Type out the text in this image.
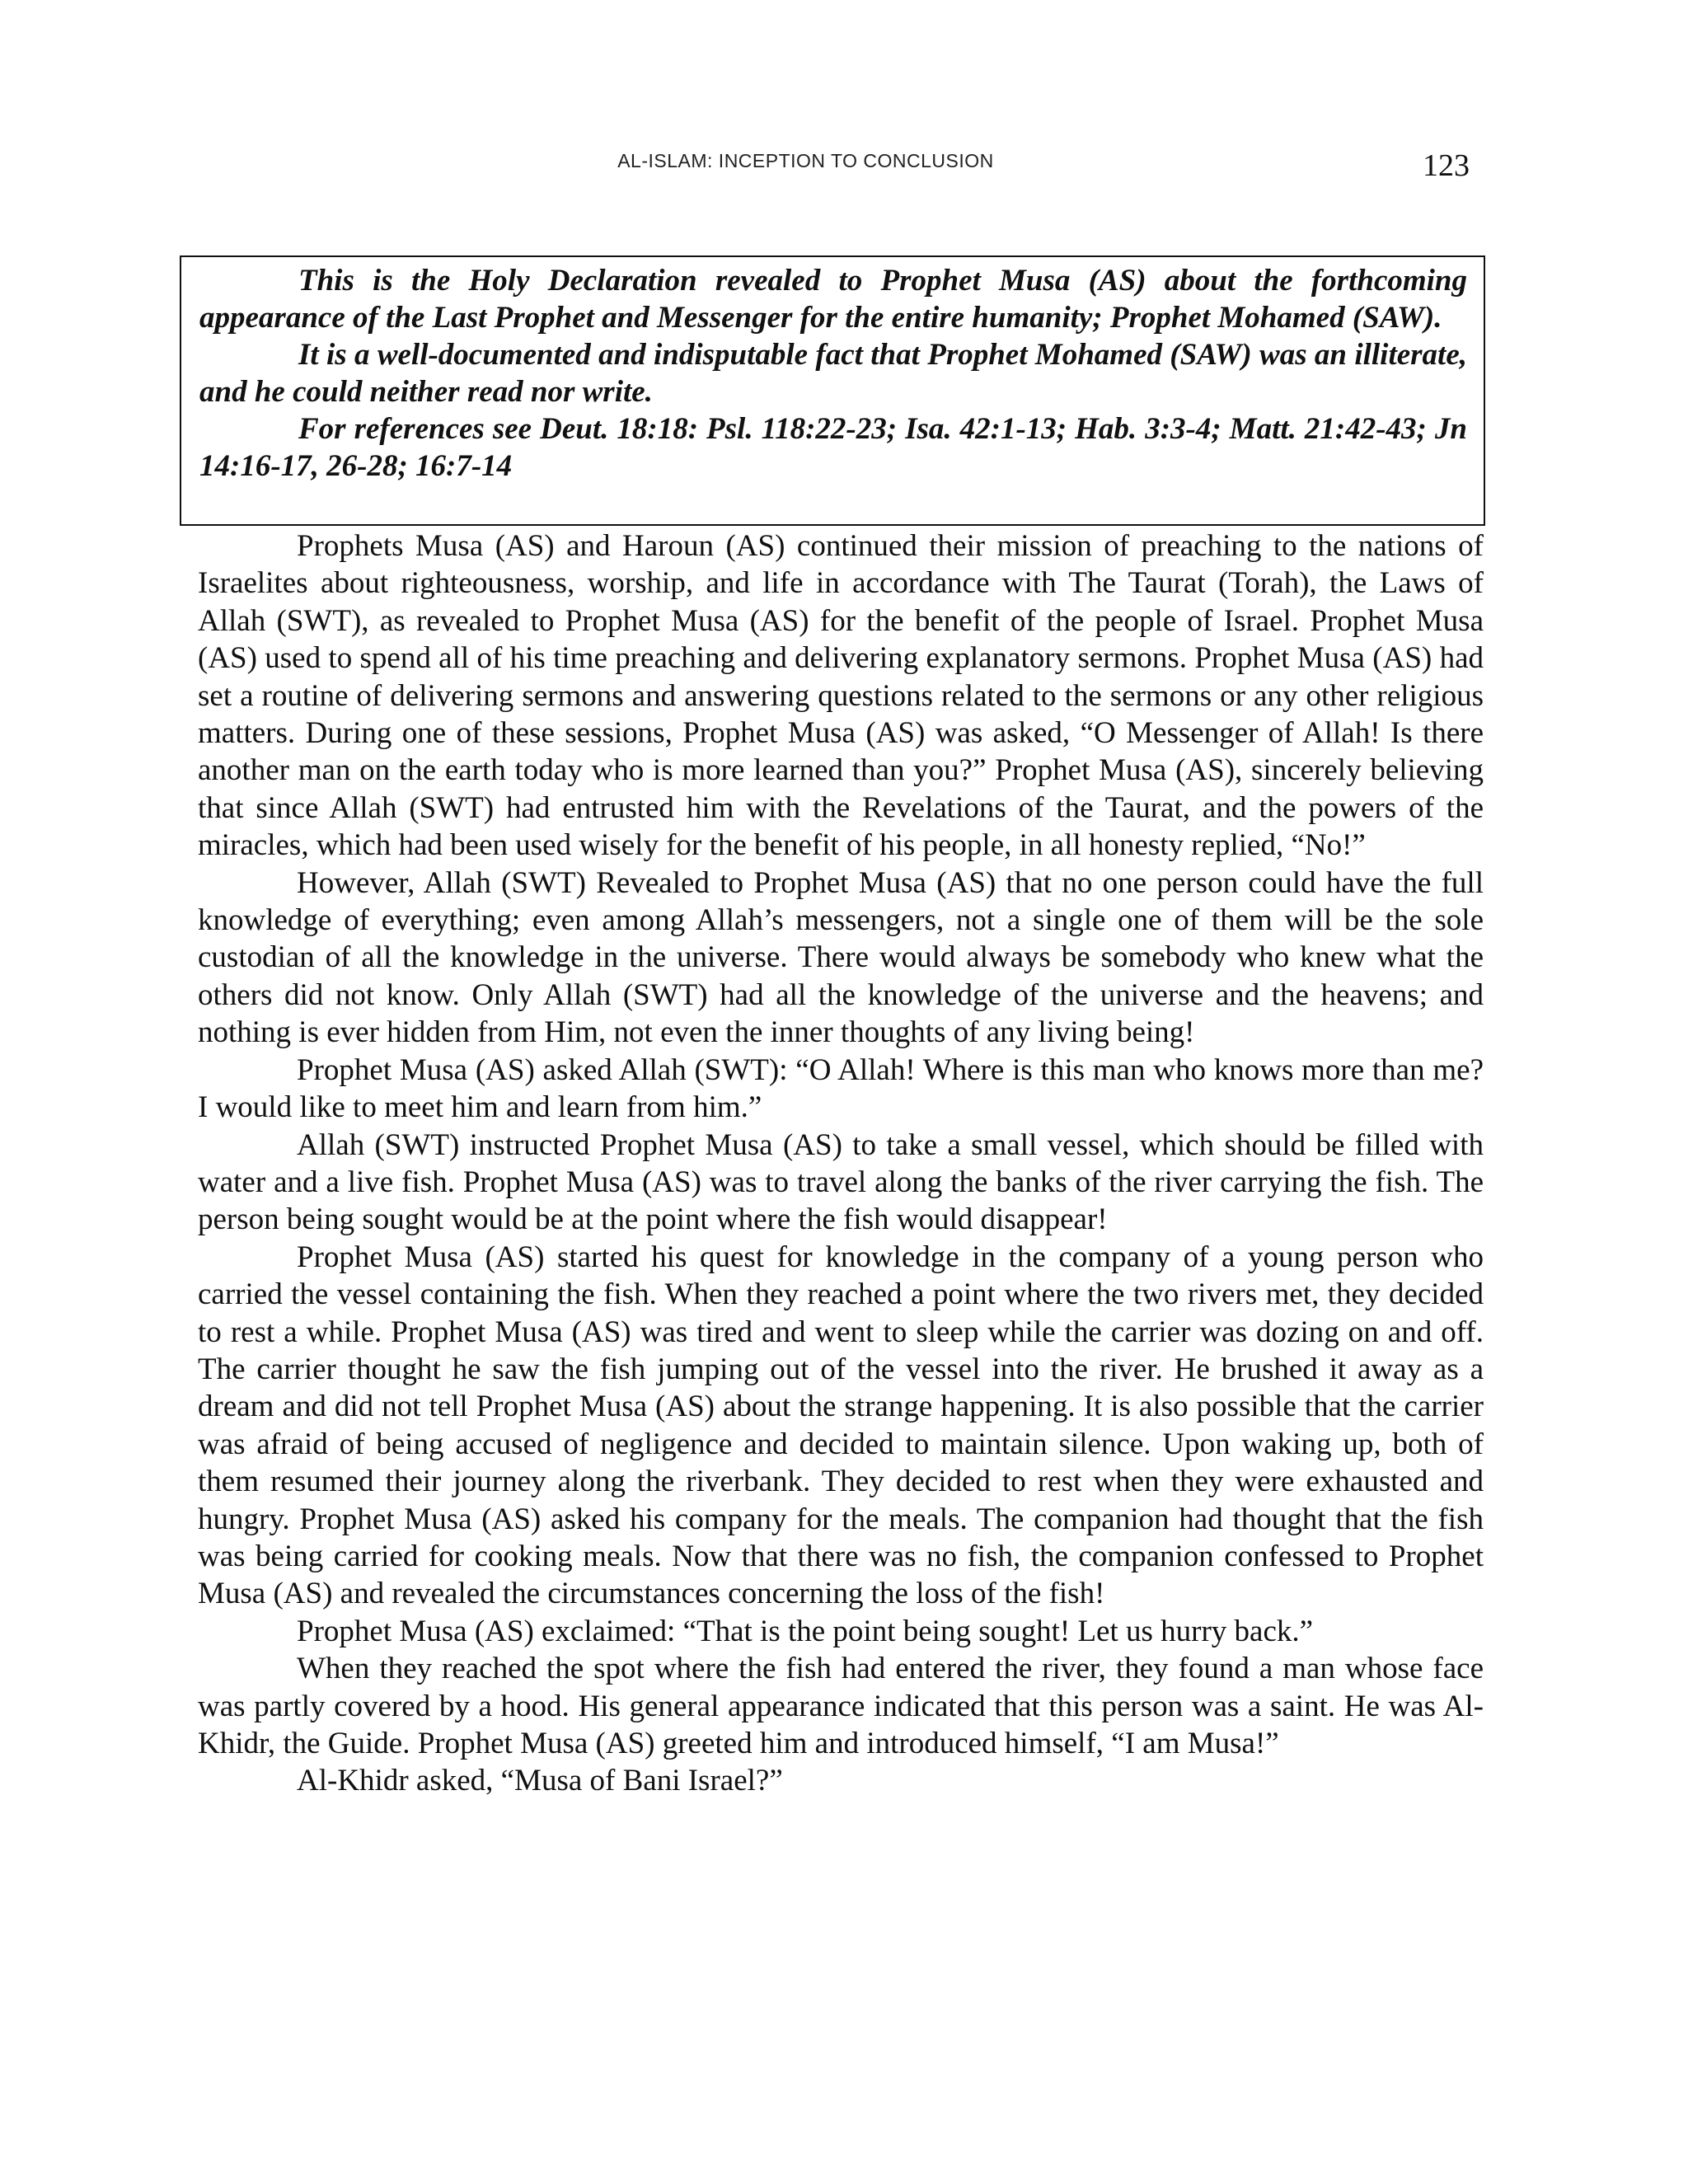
AL-ISLAM: INCEPTION TO CONCLUSION	123

This is the Holy Declaration revealed to Prophet Musa (AS) about the forthcoming appearance of the Last Prophet and Messenger for the entire humanity; Prophet Mohamed (SAW).

It is a well-documented and indisputable fact that Prophet Mohamed (SAW) was an illiterate, and he could neither read nor write.

For references see Deut. 18:18: Psl. 118:22-23; Isa. 42:1-13; Hab. 3:3-4; Matt. 21:42-43; Jn 14:16-17, 26-28; 16:7-14

Prophets Musa (AS) and Haroun (AS) continued their mission of preaching to the nations of Israelites about righteousness, worship, and life in accordance with The Taurat (Torah), the Laws of Allah (SWT), as revealed to Prophet Musa (AS) for the benefit of the people of Israel. Prophet Musa (AS) used to spend all of his time preaching and delivering explanatory sermons. Prophet Musa (AS) had set a routine of delivering sermons and answering questions related to the sermons or any other religious matters. During one of these sessions, Prophet Musa (AS) was asked, “O Messenger of Allah! Is there another man on the earth today who is more learned than you?” Prophet Musa (AS), sincerely believing that since Allah (SWT) had entrusted him with the Revelations of the Taurat, and the powers of the miracles, which had been used wisely for the benefit of his people, in all honesty replied, “No!”

However, Allah (SWT) Revealed to Prophet Musa (AS) that no one person could have the full knowledge of everything; even among Allah’s messengers, not a single one of them will be the sole custodian of all the knowledge in the universe. There would always be somebody who knew what the others did not know. Only Allah (SWT) had all the knowledge of the universe and the heavens; and nothing is ever hidden from Him, not even the inner thoughts of any living being!

Prophet Musa (AS) asked Allah (SWT): “O Allah! Where is this man who knows more than me? I would like to meet him and learn from him.”

Allah (SWT) instructed Prophet Musa (AS) to take a small vessel, which should be filled with water and a live fish. Prophet Musa (AS) was to travel along the banks of the river carrying the fish. The person being sought would be at the point where the fish would disappear!

Prophet Musa (AS) started his quest for knowledge in the company of a young person who carried the vessel containing the fish. When they reached a point where the two rivers met, they decided to rest a while. Prophet Musa (AS) was tired and went to sleep while the carrier was dozing on and off. The carrier thought he saw the fish jumping out of the vessel into the river. He brushed it away as a dream and did not tell Prophet Musa (AS) about the strange happening. It is also possible that the carrier was afraid of being accused of negligence and decided to maintain silence. Upon waking up, both of them resumed their journey along the riverbank. They decided to rest when they were exhausted and hungry. Prophet Musa (AS) asked his company for the meals. The companion had thought that the fish was being carried for cooking meals. Now that there was no fish, the companion confessed to Prophet Musa (AS) and revealed the circumstances concerning the loss of the fish!

Prophet Musa (AS) exclaimed: “That is the point being sought! Let us hurry back.”

When they reached the spot where the fish had entered the river, they found a man whose face was partly covered by a hood. His general appearance indicated that this person was a saint. He was Al-Khidr, the Guide. Prophet Musa (AS) greeted him and introduced himself, “I am Musa!”

Al-Khidr asked, “Musa of Bani Israel?”
